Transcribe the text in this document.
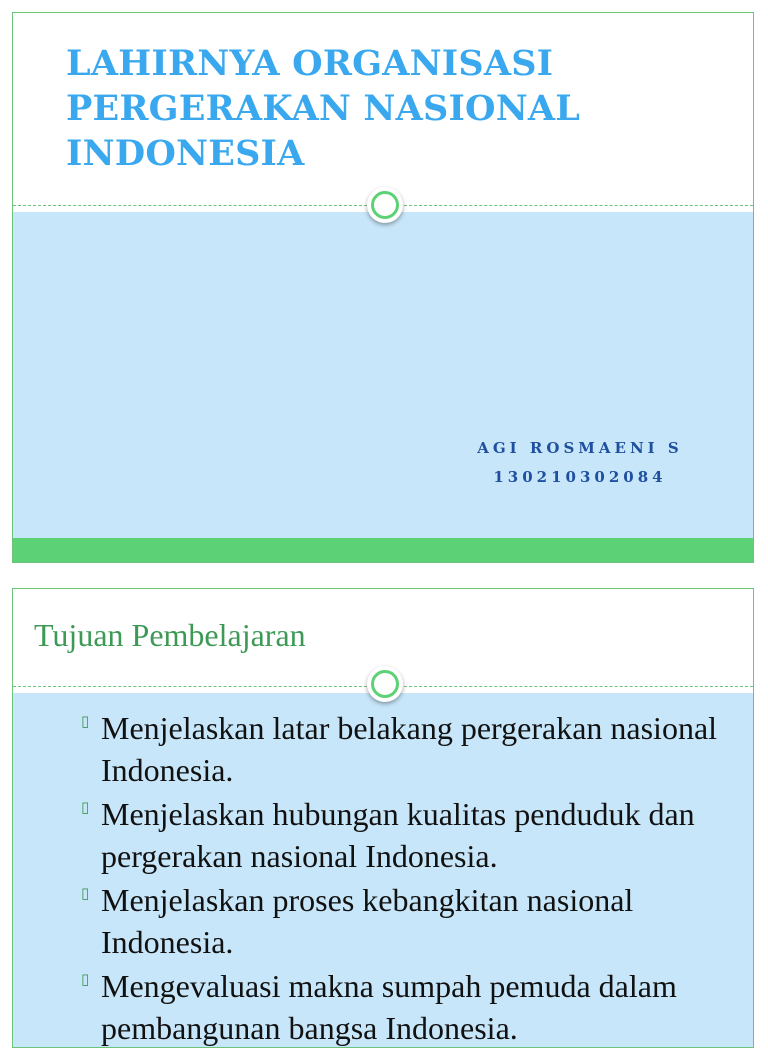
LAHIRNYA ORGANISASI PERGERAKAN NASIONAL INDONESIA
AGI ROSMAENI S
130210302084
Tujuan Pembelajaran
▯ Menjelaskan latar belakang pergerakan nasional Indonesia.
▯ Menjelaskan hubungan kualitas penduduk dan pergerakan nasional Indonesia.
▯ Menjelaskan proses kebangkitan nasional Indonesia.
▯ Mengevaluasi makna sumpah pemuda dalam pembangunan bangsa Indonesia.
